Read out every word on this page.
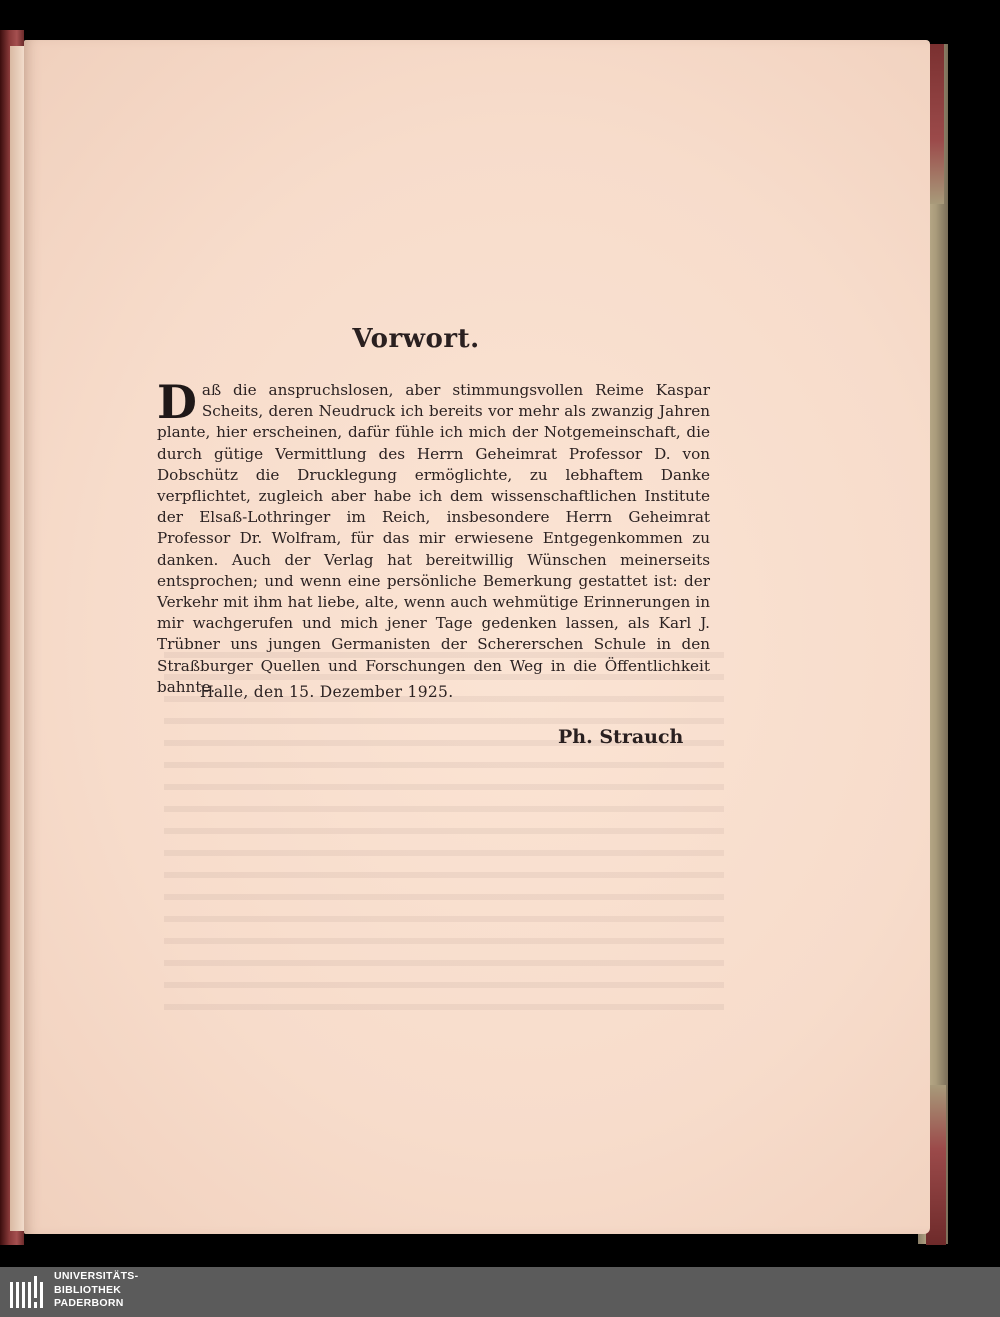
Vorwort.
Daß die anspruchslosen, aber stimmungsvollen Reime Kaspar Scheits, deren Neudruck ich bereits vor mehr als zwanzig Jahren plante, hier erscheinen, dafür fühle ich mich der Notgemeinschaft, die durch gütige Vermittlung des Herrn Geheimrat Professor D. von Dobschütz die Drucklegung ermöglichte, zu lebhaftem Danke verpflichtet, zugleich aber habe ich dem wissenschaftlichen Institute der Elsaß-Lothringer im Reich, insbesondere Herrn Geheimrat Professor Dr. Wolfram, für das mir erwiesene Entgegenkommen zu danken. Auch der Verlag hat bereitwillig Wünschen meinerseits entsprochen; und wenn eine persönliche Bemerkung gestattet ist: der Verkehr mit ihm hat liebe, alte, wenn auch wehmütige Erinnerungen in mir wachgerufen und mich jener Tage gedenken lassen, als Karl J. Trübner uns jungen Germanisten der Schererschen Schule in den Straßburger Quellen und Forschungen den Weg in die Öffentlichkeit bahnte.
Halle, den 15. Dezember 1925.
Ph. Strauch
UNIVERSITÄTS-
BIBLIOTHEK
PADERBORN
